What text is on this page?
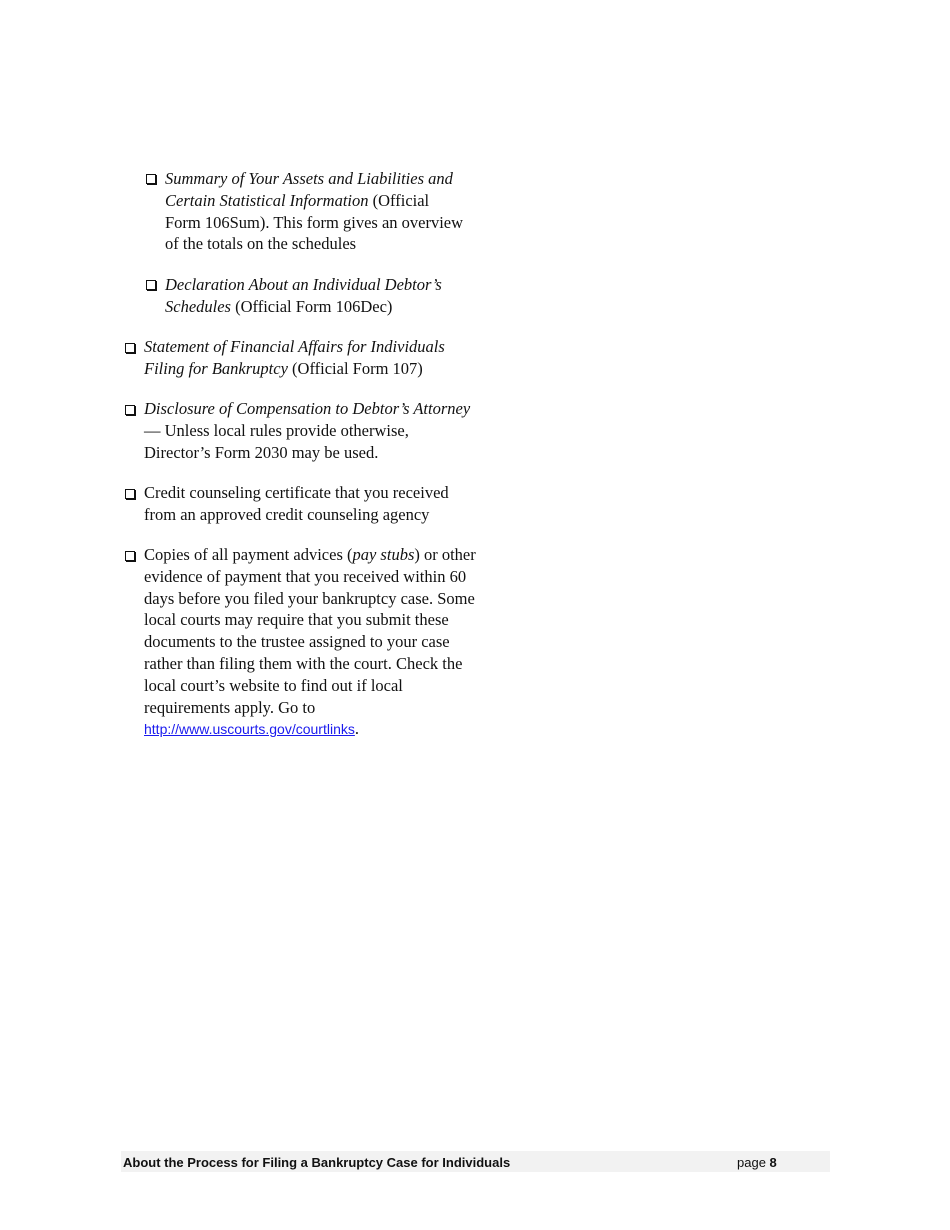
Summary of Your Assets and Liabilities and Certain Statistical Information (Official Form 106Sum). This form gives an overview of the totals on the schedules
Declaration About an Individual Debtor’s Schedules (Official Form 106Dec)
Statement of Financial Affairs for Individuals Filing for Bankruptcy (Official Form 107)
Disclosure of Compensation to Debtor’s Attorney — Unless local rules provide otherwise, Director’s Form 2030 may be used.
Credit counseling certificate that you received from an approved credit counseling agency
Copies of all payment advices (pay stubs) or other evidence of payment that you received within 60 days before you filed your bankruptcy case. Some local courts may require that you submit these documents to the trustee assigned to your case rather than filing them with the court. Check the local court’s website to find out if local requirements apply. Go to http://www.uscourts.gov/courtlinks.
About the Process for Filing a Bankruptcy Case for Individuals	page 8
